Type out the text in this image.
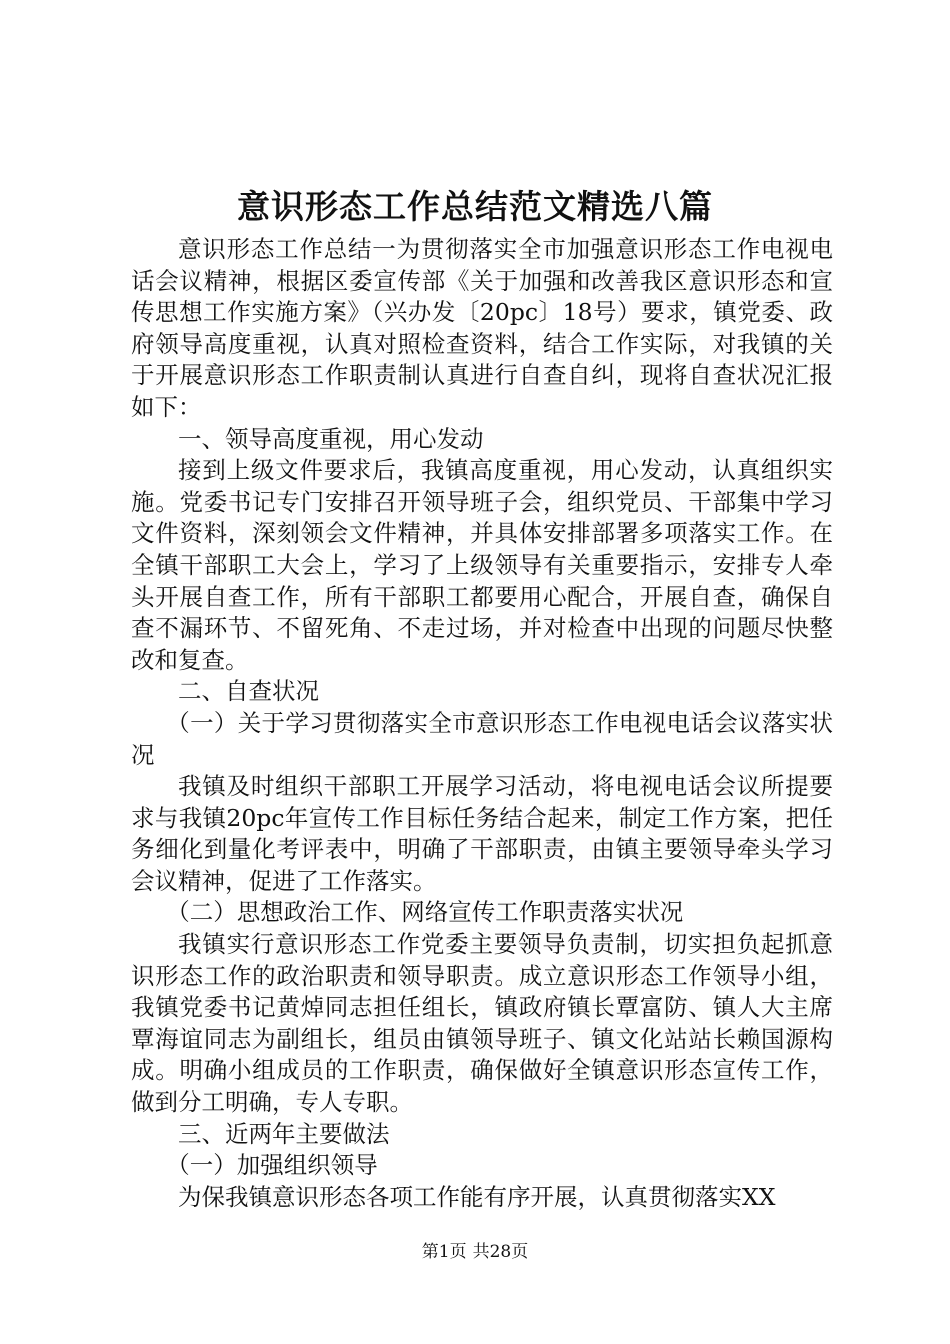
意识形态工作总结范文精选八篇

意识形态工作总结一为贯彻落实全市加强意识形态工作电视电话会议精神，根据区委宣传部《关于加强和改善我区意识形态和宣传思想工作实施方案》（兴办发〔20pc〕18号）要求，镇党委、政府领导高度重视，认真对照检查资料，结合工作实际，对我镇的关于开展意识形态工作职责制认真进行自查自纠，现将自查状况汇报如下：

一、领导高度重视，用心发动

接到上级文件要求后，我镇高度重视，用心发动，认真组织实施。党委书记专门安排召开领导班子会，组织党员、干部集中学习文件资料，深刻领会文件精神，并具体安排部署多项落实工作。在全镇干部职工大会上，学习了上级领导有关重要指示，安排专人牵头开展自查工作，所有干部职工都要用心配合，开展自查，确保自查不漏环节、不留死角、不走过场，并对检查中出现的问题尽快整改和复查。

二、自查状况

（一）关于学习贯彻落实全市意识形态工作电视电话会议落实状况

我镇及时组织干部职工开展学习活动，将电视电话会议所提要求与我镇20pc年宣传工作目标任务结合起来，制定工作方案，把任务细化到量化考评表中，明确了干部职责，由镇主要领导牵头学习会议精神，促进了工作落实。

（二）思想政治工作、网络宣传工作职责落实状况

我镇实行意识形态工作党委主要领导负责制，切实担负起抓意识形态工作的政治职责和领导职责。成立意识形态工作领导小组，我镇党委书记黄焯同志担任组长，镇政府镇长覃富防、镇人大主席覃海谊同志为副组长，组员由镇领导班子、镇文化站站长赖国源构成。明确小组成员的工作职责，确保做好全镇意识形态宣传工作，做到分工明确，专人专职。

三、近两年主要做法

（一）加强组织领导

为保我镇意识形态各项工作能有序开展，认真贯彻落实XX

第1页 共28页
